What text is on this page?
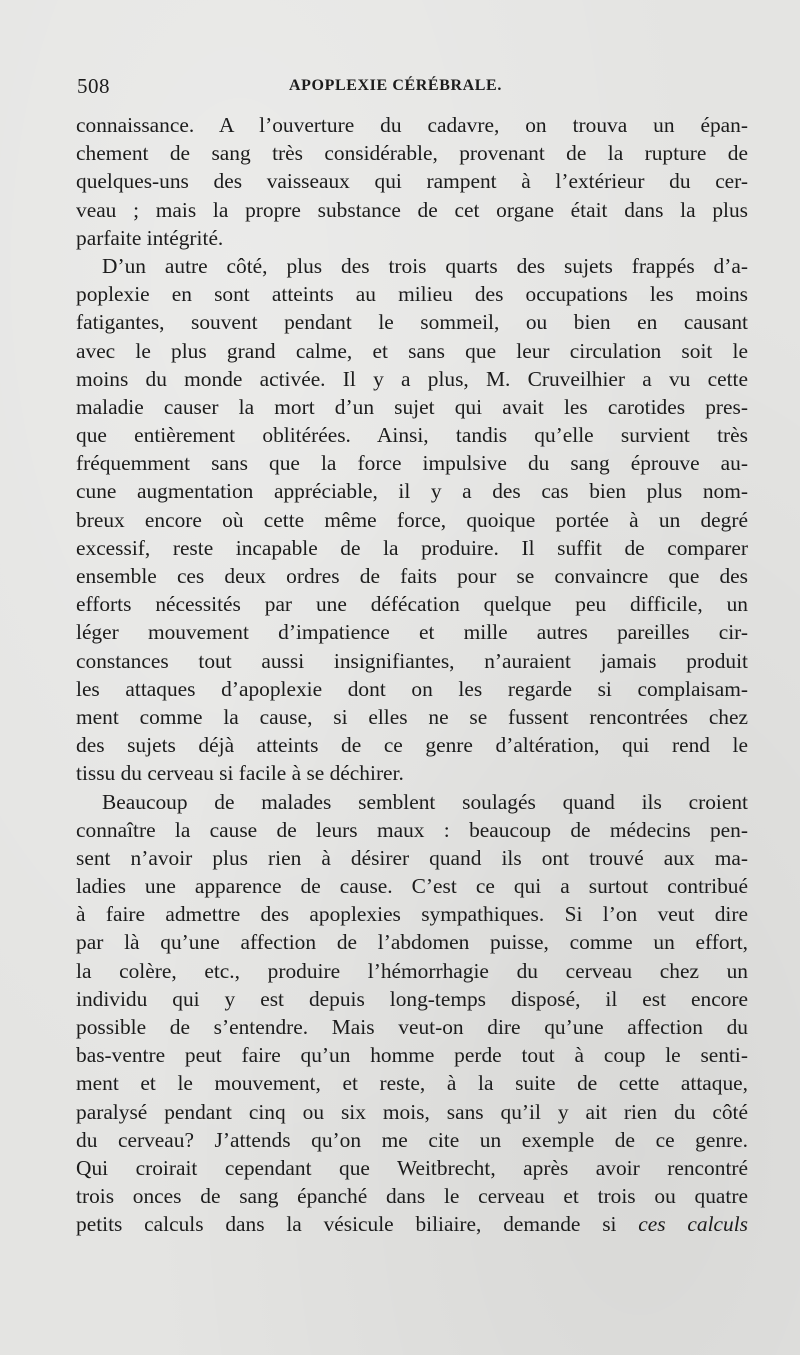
508	APOPLEXIE CÉRÉBRALE.
connaissance. A l’ouverture du cadavre, on trouva un épan-
chement de sang très considérable, provenant de la rupture de
quelques-uns des vaisseaux qui rampent à l’extérieur du cer-
veau ; mais la propre substance de cet organe était dans la plus
parfaite intégrité.
D’un autre côté, plus des trois quarts des sujets frappés d’a-
poplexie en sont atteints au milieu des occupations les moins
fatigantes, souvent pendant le sommeil, ou bien en causant
avec le plus grand calme, et sans que leur circulation soit le
moins du monde activée. Il y a plus, M. Cruveilhier a vu cette
maladie causer la mort d’un sujet qui avait les carotides pres-
que entièrement oblitérées. Ainsi, tandis qu’elle survient très
fréquemment sans que la force impulsive du sang éprouve au-
cune augmentation appréciable, il y a des cas bien plus nom-
breux encore où cette même force, quoique portée à un degré
excessif, reste incapable de la produire. Il suffit de comparer
ensemble ces deux ordres de faits pour se convaincre que des
efforts nécessités par une défécation quelque peu difficile, un
léger mouvement d’impatience et mille autres pareilles cir-
constances tout aussi insignifiantes, n’auraient jamais produit
les attaques d’apoplexie dont on les regarde si complaisam-
ment comme la cause, si elles ne se fussent rencontrées chez
des sujets déjà atteints de ce genre d’altération, qui rend le
tissu du cerveau si facile à se déchirer.
Beaucoup de malades semblent soulagés quand ils croient
connaître la cause de leurs maux : beaucoup de médecins pen-
sent n’avoir plus rien à désirer quand ils ont trouvé aux ma-
ladies une apparence de cause. C’est ce qui a surtout contribué
à faire admettre des apoplexies sympathiques. Si l’on veut dire
par là qu’une affection de l’abdomen puisse, comme un effort,
la colère, etc., produire l’hémorrhagie du cerveau chez un
individu qui y est depuis long-temps disposé, il est encore
possible de s’entendre. Mais veut-on dire qu’une affection du
bas-ventre peut faire qu’un homme perde tout à coup le senti-
ment et le mouvement, et reste, à la suite de cette attaque,
paralysé pendant cinq ou six mois, sans qu’il y ait rien du côté
du cerveau? J’attends qu’on me cite un exemple de ce genre.
Qui croirait cependant que Weitbrecht, après avoir rencontré
trois onces de sang épanché dans le cerveau et trois ou quatre
petits calculs dans la vésicule biliaire, demande si ces calculs
